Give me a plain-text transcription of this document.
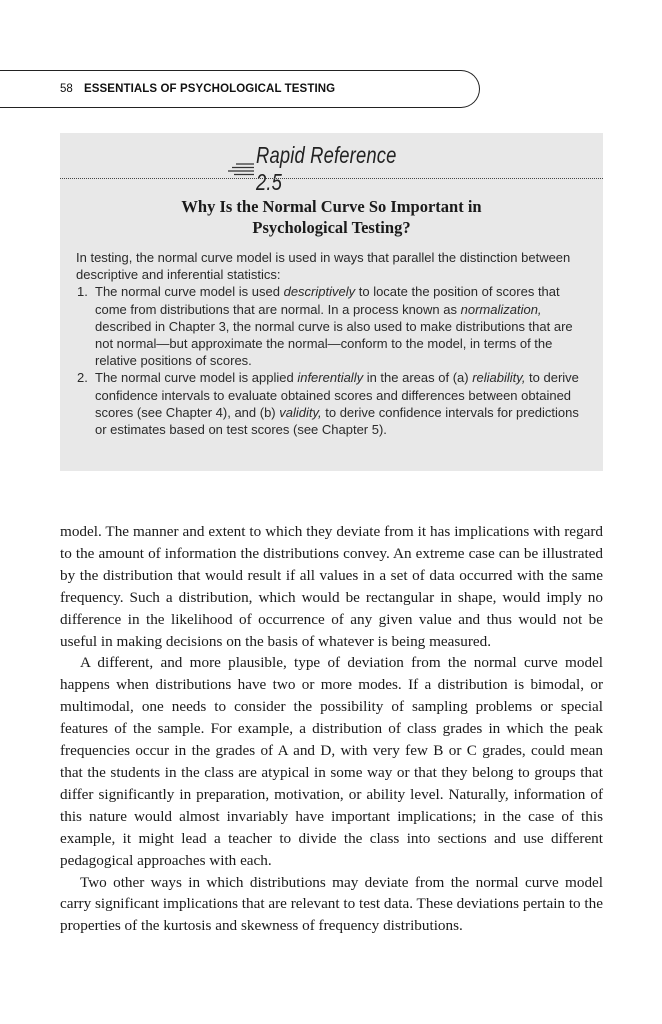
58 ESSENTIALS OF PSYCHOLOGICAL TESTING
Rapid Reference 2.5
Why Is the Normal Curve So Important in
Psychological Testing?

In testing, the normal curve model is used in ways that parallel the distinction between descriptive and inferential statistics:

1. The normal curve model is used descriptively to locate the position of scores that come from distributions that are normal. In a process known as normalization, described in Chapter 3, the normal curve is also used to make distributions that are not normal—but approximate the normal—conform to the model, in terms of the relative positions of scores.
2. The normal curve model is applied inferentially in the areas of (a) reliability, to derive confidence intervals to evaluate obtained scores and differences between obtained scores (see Chapter 4), and (b) validity, to derive confidence intervals for predictions or estimates based on test scores (see Chapter 5).

model. The manner and extent to which they deviate from it has implications with regard to the amount of information the distributions convey. An extreme case can be illustrated by the distribution that would result if all values in a set of data occurred with the same frequency. Such a distribution, which would be rectangular in shape, would imply no difference in the likelihood of occurrence of any given value and thus would not be useful in making decisions on the basis of whatever is being measured.

A different, and more plausible, type of deviation from the normal curve model happens when distributions have two or more modes. If a distribution is bimodal, or multimodal, one needs to consider the possibility of sampling problems or special features of the sample. For example, a distribution of class grades in which the peak frequencies occur in the grades of A and D, with very few B or C grades, could mean that the students in the class are atypical in some way or that they belong to groups that differ significantly in preparation, motivation, or ability level. Naturally, information of this nature would almost invariably have important implications; in the case of this example, it might lead a teacher to divide the class into sections and use different pedagogical approaches with each.

Two other ways in which distributions may deviate from the normal curve model carry significant implications that are relevant to test data. These deviations pertain to the properties of the kurtosis and skewness of frequency distributions.
